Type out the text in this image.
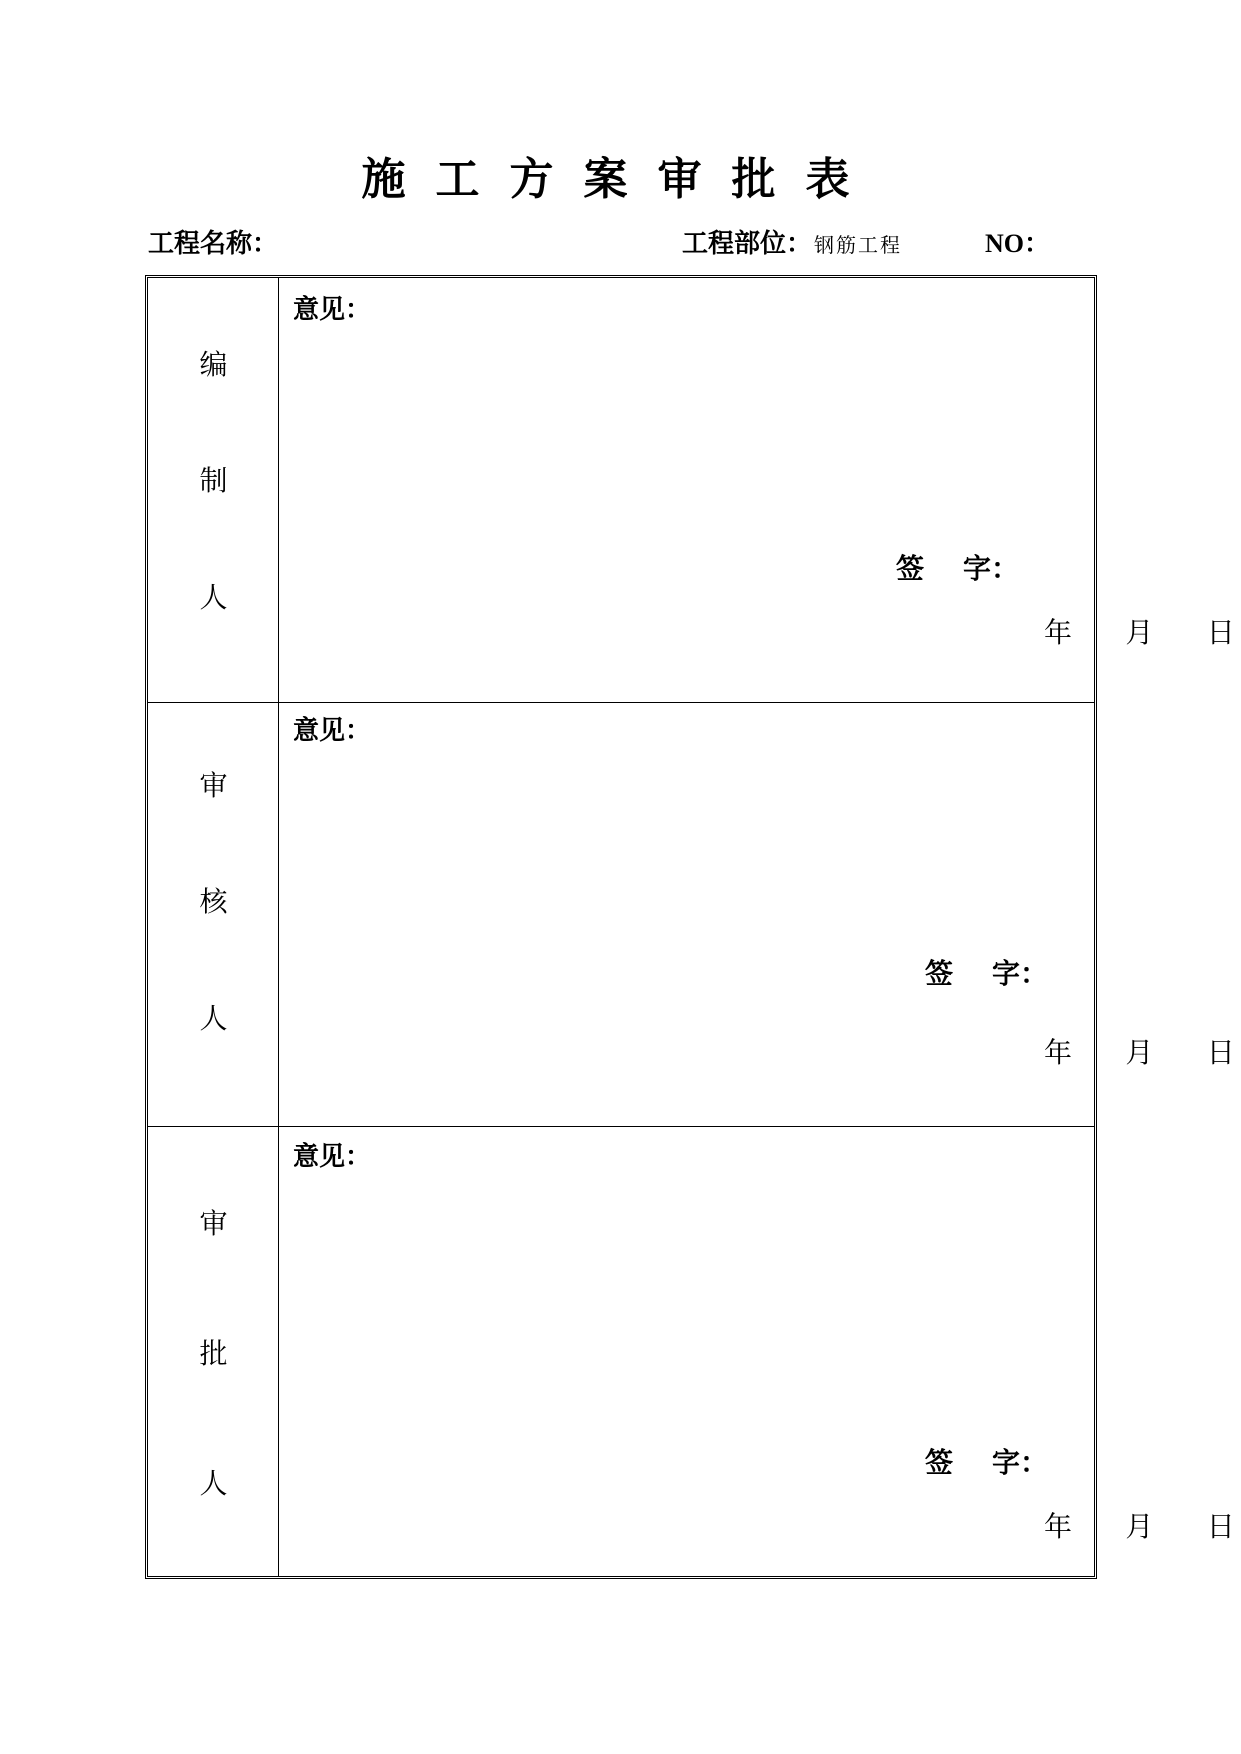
施工方案审批表
工程名称：	工程部位： 钢筋工程	NO：
编
制
人
意见：
签    字：
年      月      日
审
核
人
意见：
签    字：
年      月      日
审
批
人
意见：
签    字：
年      月      日
